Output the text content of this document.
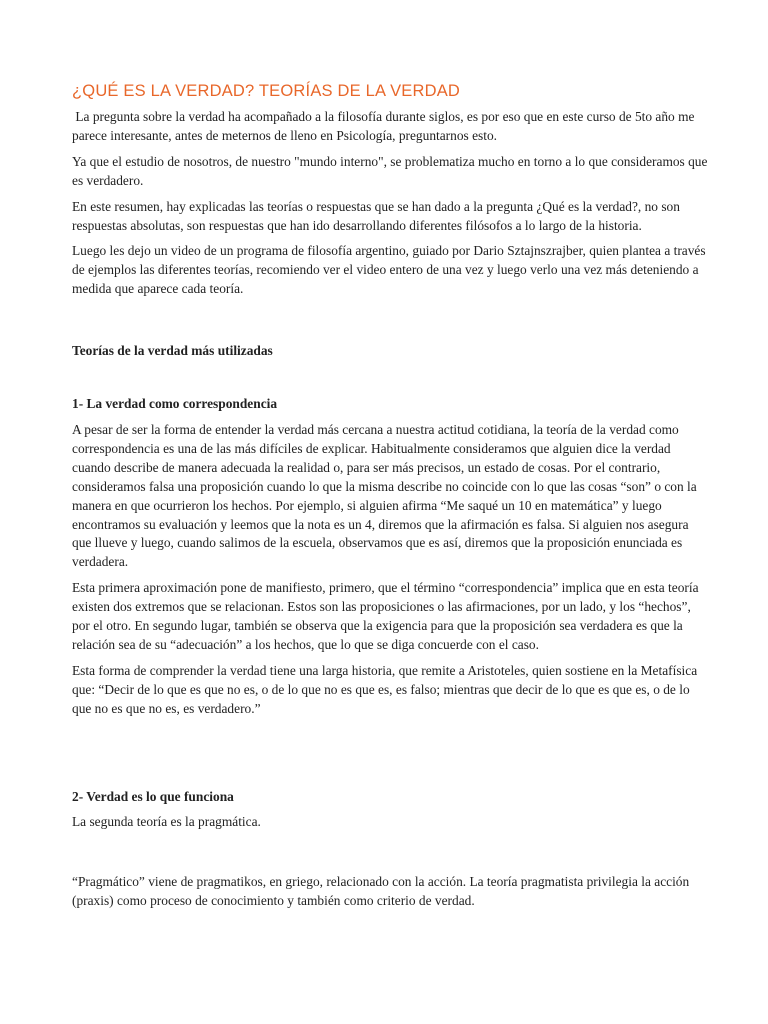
¿QUÉ ES LA VERDAD? TEORÍAS DE LA VERDAD

La pregunta sobre la verdad ha acompañado a la filosofía durante siglos, es por eso que en este curso de 5to año me parece interesante, antes de meternos de lleno en Psicología, preguntarnos esto.

Ya que el estudio de nosotros, de nuestro "mundo interno", se problematiza mucho en torno a lo que consideramos que es verdadero.

En este resumen, hay explicadas las teorías o respuestas que se han dado a la pregunta ¿Qué es la verdad?, no son respuestas absolutas, son respuestas que han ido desarrollando diferentes filósofos a lo largo de la historia.

Luego les dejo un video de un programa de filosofía argentino, guiado por Dario Sztajnszrajber, quien plantea a través de ejemplos las diferentes teorías, recomiendo ver el video entero de una vez y luego verlo una vez más deteniendo a medida que aparece cada teoría.

Teorías de la verdad más utilizadas

1- La verdad como correspondencia

A pesar de ser la forma de entender la verdad más cercana a nuestra actitud cotidiana, la teoría de la verdad como correspondencia es una de las más difíciles de explicar. Habitualmente consideramos que alguien dice la verdad cuando describe de manera adecuada la realidad o, para ser más precisos, un estado de cosas. Por el contrario, consideramos falsa una proposición cuando lo que la misma describe no coincide con lo que las cosas “son” o con la manera en que ocurrieron los hechos. Por ejemplo, si alguien afirma “Me saqué un 10 en matemática” y luego encontramos su evaluación y leemos que la nota es un 4, diremos que la afirmación es falsa. Si alguien nos asegura que llueve y luego, cuando salimos de la escuela, observamos que es así, diremos que la proposición enunciada es verdadera.

Esta primera aproximación pone de manifiesto, primero, que el término “correspondencia” implica que en esta teoría existen dos extremos que se relacionan. Estos son las proposiciones o las afirmaciones, por un lado, y los “hechos”, por el otro. En segundo lugar, también se observa que la exigencia para que la proposición sea verdadera es que la relación sea de su “adecuación” a los hechos, que lo que se diga concuerde con el caso.

Esta forma de comprender la verdad tiene una larga historia, que remite a Aristoteles, quien sostiene en la Metafísica que: “Decir de lo que es que no es, o de lo que no es que es, es falso; mientras que decir de lo que es que es, o de lo que no es que no es, es verdadero.”

2- Verdad es lo que funciona

La segunda teoría es la pragmática.

“Pragmático” viene de pragmatikos, en griego, relacionado con la acción. La teoría pragmatista privilegia la acción (praxis) como proceso de conocimiento y también como criterio de verdad.
